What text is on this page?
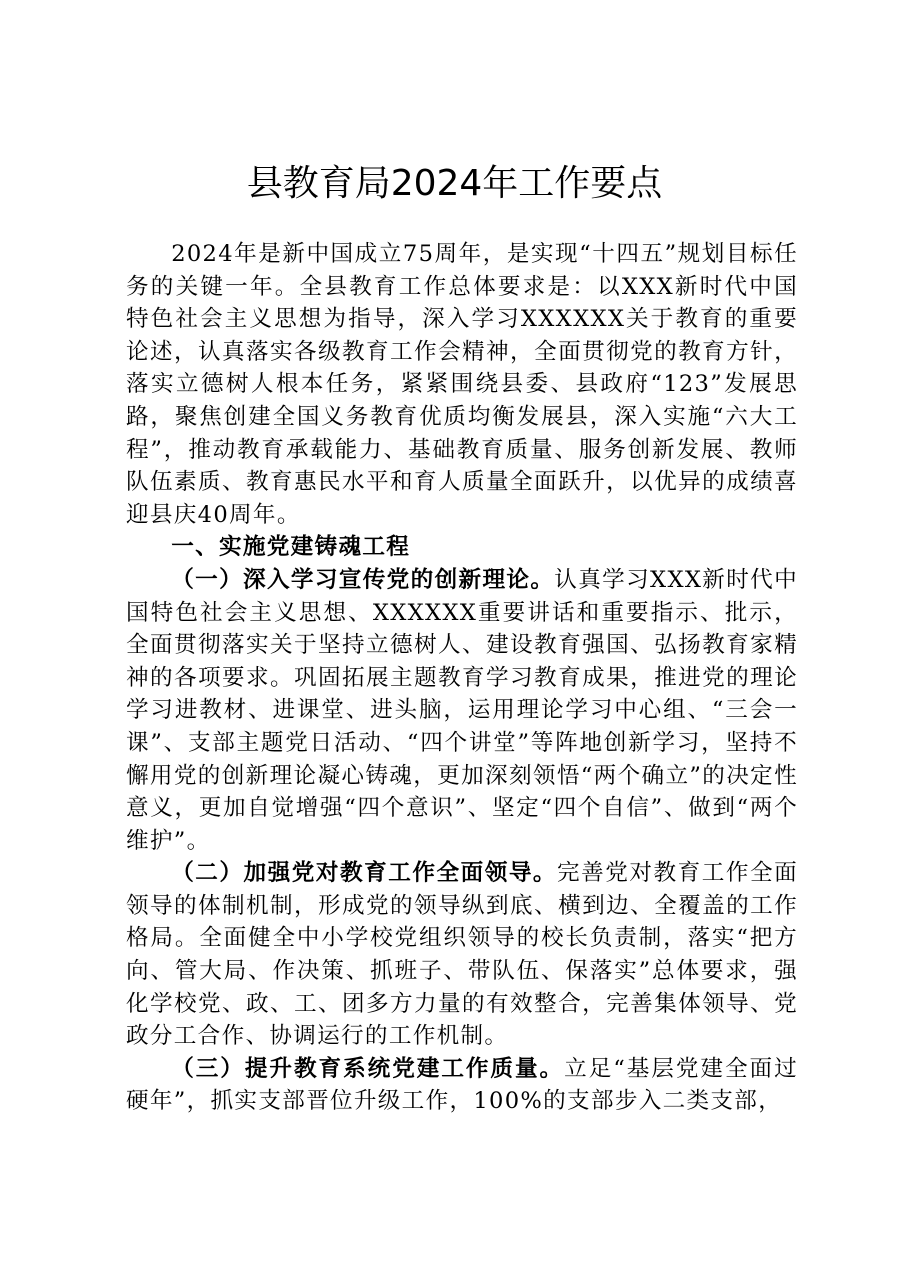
县教育局2024年工作要点

2024年是新中国成立75周年，是实现“十四五”规划目标任务的关键一年。全县教育工作总体要求是：以XXX新时代中国特色社会主义思想为指导，深入学习XXXXXX关于教育的重要论述，认真落实各级教育工作会精神，全面贯彻党的教育方针，落实立德树人根本任务，紧紧围绕县委、县政府“123”发展思路，聚焦创建全国义务教育优质均衡发展县，深入实施“六大工程”，推动教育承载能力、基础教育质量、服务创新发展、教师队伍素质、教育惠民水平和育人质量全面跃升，以优异的成绩喜迎县庆40周年。

一、实施党建铸魂工程

（一）深入学习宣传党的创新理论。认真学习XXX新时代中国特色社会主义思想、XXXXXX重要讲话和重要指示、批示，全面贯彻落实关于坚持立德树人、建设教育强国、弘扬教育家精神的各项要求。巩固拓展主题教育学习教育成果，推进党的理论学习进教材、进课堂、进头脑，运用理论学习中心组、“三会一课”、支部主题党日活动、“四个讲堂”等阵地创新学习，坚持不懈用党的创新理论凝心铸魂，更加深刻领悟“两个确立”的决定性意义，更加自觉增强“四个意识”、坚定“四个自信”、做到“两个维护”。

（二）加强党对教育工作全面领导。完善党对教育工作全面领导的体制机制，形成党的领导纵到底、横到边、全覆盖的工作格局。全面健全中小学校党组织领导的校长负责制，落实“把方向、管大局、作决策、抓班子、带队伍、保落实”总体要求，强化学校党、政、工、团多方力量的有效整合，完善集体领导、党政分工合作、协调运行的工作机制。

（三）提升教育系统党建工作质量。立足“基层党建全面过硬年”，抓实支部晋位升级工作，100%的支部步入二类支部，
